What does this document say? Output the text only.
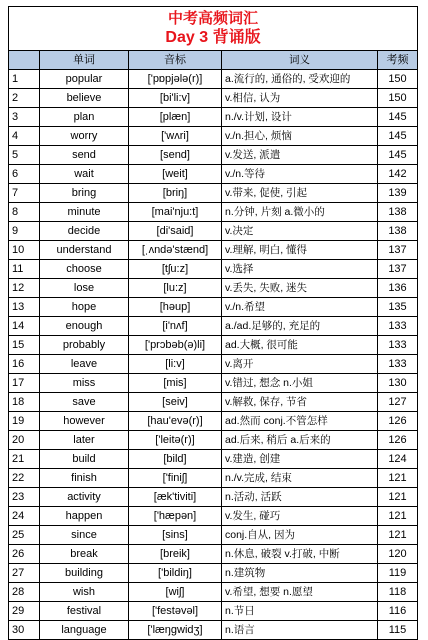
中考高频词汇
Day 3 背诵版
	单词	音标	词义	考频
1	popular	['pɒpjələ(r)]	a.流行的, 通俗的, 受欢迎的	150
2	believe	[bi'li:v]	v.相信, 认为	150
3	plan	[plæn]	n./v.计划, 设计	145
4	worry	['wʌri]	v./n.担心, 烦恼	145
5	send	[send]	v.发送, 派遣	145
6	wait	[weit]	v./n.等待	142
7	bring	[briŋ]	v.带来, 促使, 引起	139
8	minute	[mai'nju:t]	n.分钟, 片刻 a.微小的	138
9	decide	[di'said]	v.决定	138
10	understand	[ˌʌndə'stænd]	v.理解, 明白, 懂得	137
11	choose	[tʃu:z]	v.选择	137
12	lose	[lu:z]	v.丢失, 失败, 迷失	136
13	hope	[həup]	v./n.希望	135
14	enough	[i'nʌf]	a./ad.足够的, 充足的	133
15	probably	['prɔbəb(ə)li]	ad.大概, 很可能	133
16	leave	[li:v]	v.离开	133
17	miss	[mis]	v.错过, 想念 n.小姐	130
18	save	[seiv]	v.解救, 保存, 节省	127
19	however	[hau'evə(r)]	ad.然而 conj.不管怎样	126
20	later	['leitə(r)]	ad.后来, 稍后 a.后来的	126
21	build	[bild]	v.建造, 创建	124
22	finish	['finiʃ]	n./v.完成, 结束	121
23	activity	[æk'tiviti]	n.活动, 活跃	121
24	happen	['hæpən]	v.发生, 碰巧	121
25	since	[sins]	conj.自从, 因为	121
26	break	[breik]	n.休息, 破裂 v.打破, 中断	120
27	building	['bildiŋ]	n.建筑物	119
28	wish	[wiʃ]	v.希望, 想要 n.愿望	118
29	festival	['festəvəl]	n.节日	116
30	language	['læŋgwidʒ]	n.语言	115
